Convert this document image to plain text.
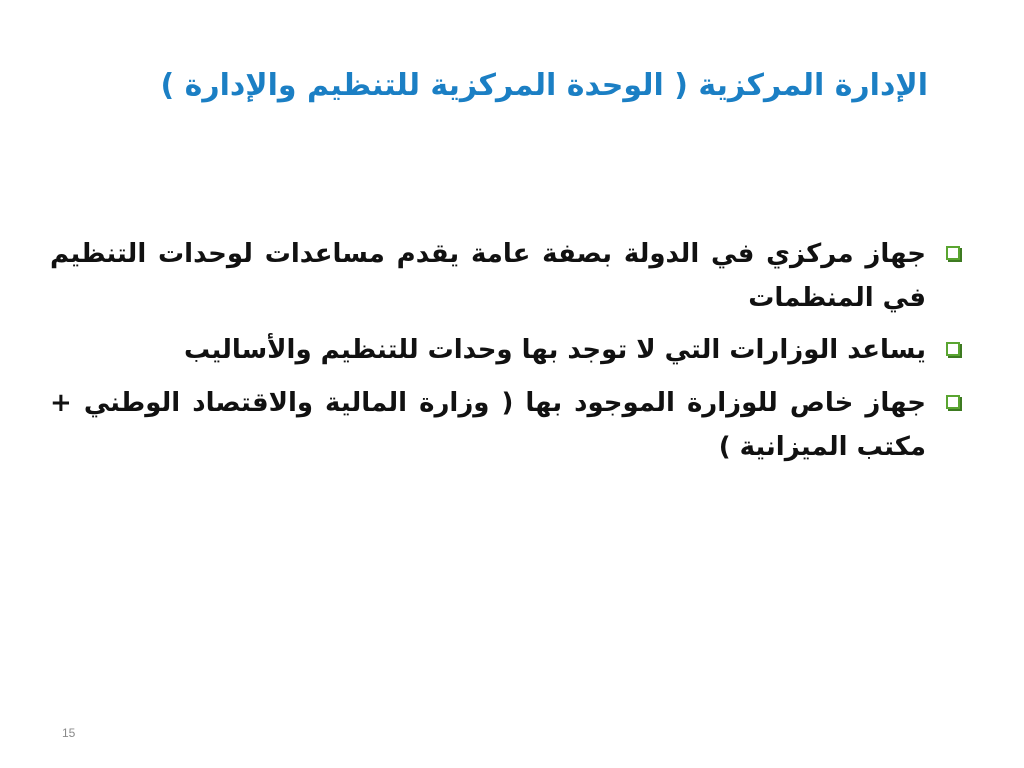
الإدارة المركزية ( الوحدة المركزية للتنظيم والإدارة )
جهاز مركزي في الدولة بصفة عامة يقدم مساعدات لوحدات التنظيم في المنظمات
يساعد الوزارات التي لا توجد بها وحدات للتنظيم والأساليب
جهاز خاص للوزارة الموجود بها ( وزارة المالية والاقتصاد الوطني + مكتب الميزانية )
15
